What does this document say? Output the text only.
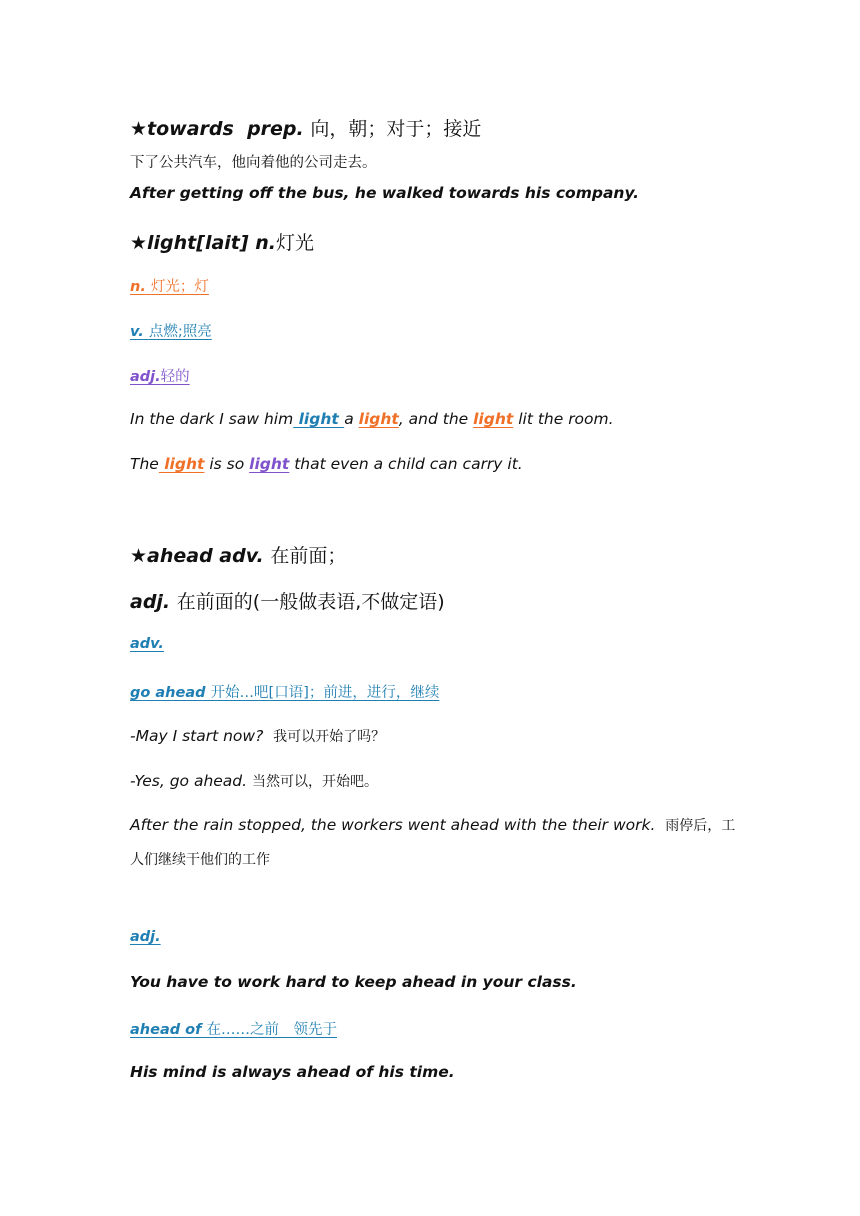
★towards prep. 向，朝；对于；接近
下了公共汽车，他向着他的公司走去。
After getting off the bus, he walked towards his company.
★light[lait] n.灯光
n. 灯光；灯
v. 点燃;照亮
adj.轻的
In the dark I saw him light a light, and the light lit the room.
The light is so light that even a child can carry it.
★ahead adv. 在前面；
adj. 在前面的(一般做表语,不做定语)
adv.
go ahead 开始…吧[口语]；前进，进行，继续
-May I start now? 我可以开始了吗？
-Yes, go ahead. 当然可以，开始吧。
After the rain stopped, the workers went ahead with the their work. 雨停后，工人们继续干他们的工作
adj.
You have to work hard to keep ahead in your class.
ahead of 在……之前　领先于
His mind is always ahead of his time.
